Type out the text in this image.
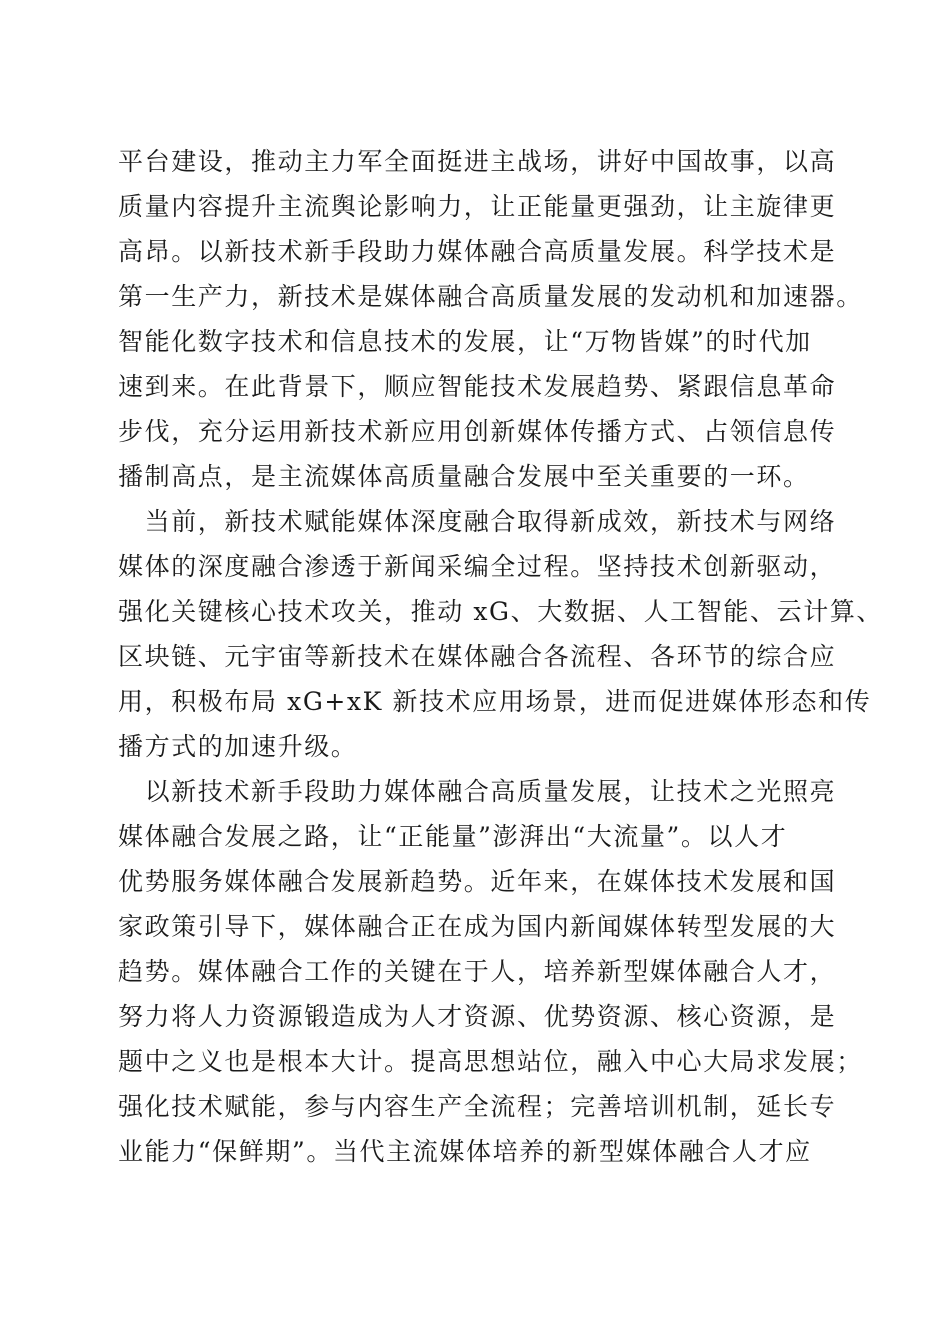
平台建设，推动主力军全面挺进主战场，讲好中国故事，以高
质量内容提升主流舆论影响力，让正能量更强劲，让主旋律更
高昂。以新技术新手段助力媒体融合高质量发展。科学技术是
第一生产力，新技术是媒体融合高质量发展的发动机和加速器。
智能化数字技术和信息技术的发展，让“万物皆媒”的时代加
速到来。在此背景下，顺应智能技术发展趋势、紧跟信息革命
步伐，充分运用新技术新应用创新媒体传播方式、占领信息传
播制高点，是主流媒体高质量融合发展中至关重要的一环。
　当前，新技术赋能媒体深度融合取得新成效，新技术与网络
媒体的深度融合渗透于新闻采编全过程。坚持技术创新驱动，
强化关键核心技术攻关，推动 xG、大数据、人工智能、云计算、
区块链、元宇宙等新技术在媒体融合各流程、各环节的综合应
用，积极布局 xG+xK 新技术应用场景，进而促进媒体形态和传
播方式的加速升级。
　以新技术新手段助力媒体融合高质量发展，让技术之光照亮
媒体融合发展之路，让“正能量”澎湃出“大流量”。以人才
优势服务媒体融合发展新趋势。近年来，在媒体技术发展和国
家政策引导下，媒体融合正在成为国内新闻媒体转型发展的大
趋势。媒体融合工作的关键在于人，培养新型媒体融合人才，
努力将人力资源锻造成为人才资源、优势资源、核心资源，是
题中之义也是根本大计。提高思想站位，融入中心大局求发展；
强化技术赋能，参与内容生产全流程；完善培训机制，延长专
业能力“保鲜期”。当代主流媒体培养的新型媒体融合人才应
